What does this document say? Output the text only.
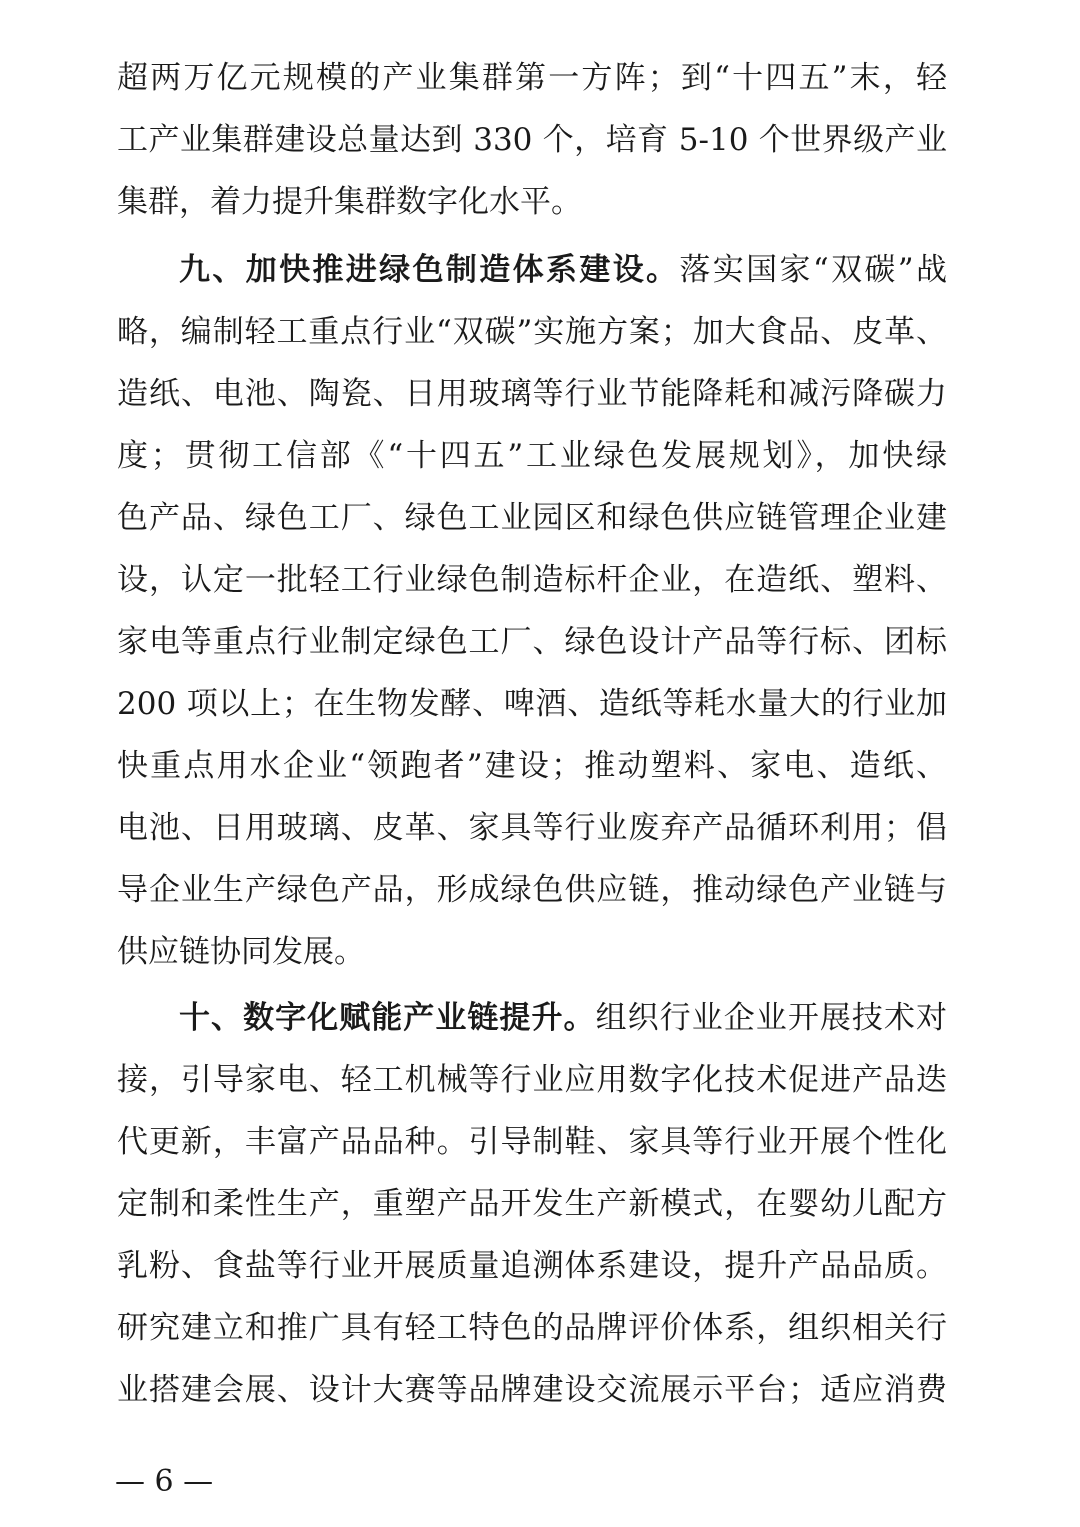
超两万亿元规模的产业集群第一方阵；到“十四五”末，轻
工产业集群建设总量达到 330 个，培育 5-10 个世界级产业
集群，着力提升集群数字化水平。
九、加快推进绿色制造体系建设。落实国家“双碳”战
略，编制轻工重点行业“双碳”实施方案；加大食品、皮革、
造纸、电池、陶瓷、日用玻璃等行业节能降耗和减污降碳力
度；贯彻工信部《“十四五”工业绿色发展规划》，加快绿
色产品、绿色工厂、绿色工业园区和绿色供应链管理企业建
设，认定一批轻工行业绿色制造标杆企业，在造纸、塑料、
家电等重点行业制定绿色工厂、绿色设计产品等行标、团标
200 项以上；在生物发酵、啤酒、造纸等耗水量大的行业加
快重点用水企业“领跑者”建设；推动塑料、家电、造纸、
电池、日用玻璃、皮革、家具等行业废弃产品循环利用；倡
导企业生产绿色产品，形成绿色供应链，推动绿色产业链与
供应链协同发展。
十、数字化赋能产业链提升。组织行业企业开展技术对
接，引导家电、轻工机械等行业应用数字化技术促进产品迭
代更新，丰富产品品种。引导制鞋、家具等行业开展个性化
定制和柔性生产，重塑产品开发生产新模式，在婴幼儿配方
乳粉、食盐等行业开展质量追溯体系建设，提升产品品质。
研究建立和推广具有轻工特色的品牌评价体系，组织相关行
业搭建会展、设计大赛等品牌建设交流展示平台；适应消费
— 6 —
